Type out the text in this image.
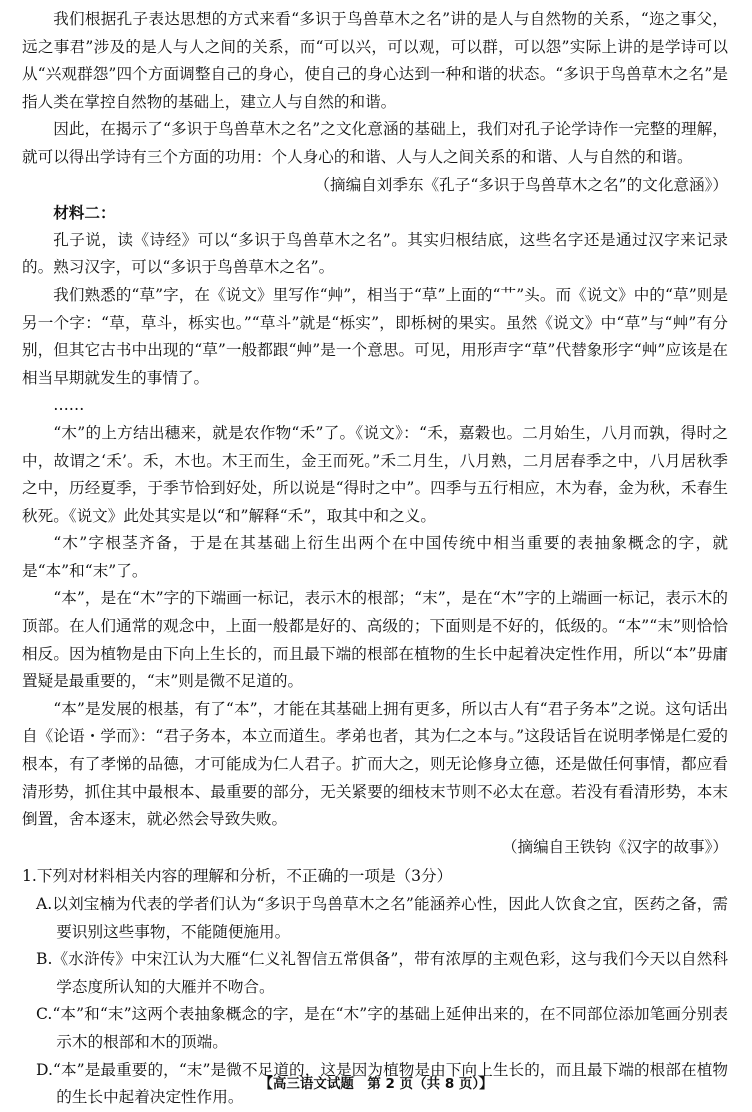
我们根据孔子表达思想的方式来看“多识于鸟兽草木之名”讲的是人与自然物的关系，“迩之事父，远之事君”涉及的是人与人之间的关系，而“可以兴，可以观，可以群，可以怨”实际上讲的是学诗可以从“兴观群怨”四个方面调整自己的身心，使自己的身心达到一种和谐的状态。“多识于鸟兽草木之名”是指人类在掌控自然物的基础上，建立人与自然的和谐。

因此，在揭示了“多识于鸟兽草木之名”之文化意涵的基础上，我们对孔子论学诗作一完整的理解，就可以得出学诗有三个方面的功用：个人身心的和谐、人与人之间关系的和谐、人与自然的和谐。

（摘编自刘季东《孔子“多识于鸟兽草木之名”的文化意涵》）

材料二：

孔子说，读《诗经》可以“多识于鸟兽草木之名”。其实归根结底，这些名字还是通过汉字来记录的。熟习汉字，可以“多识于鸟兽草木之名”。

我们熟悉的“草”字，在《说文》里写作“艸”，相当于“草”上面的“艹”头。而《说文》中的“草”则是另一个字：“草，草斗，栎实也。”“草斗”就是“栎实”，即栎树的果实。虽然《说文》中“草”与“艸”有分别，但其它古书中出现的“草”一般都跟“艸”是一个意思。可见，用形声字“草”代替象形字“艸”应该是在相当早期就发生的事情了。

……

“木”的上方结出穗来，就是农作物“禾”了。《说文》：“禾，嘉穀也。二月始生，八月而孰，得时之中，故谓之‘禾’。禾，木也。木王而生，金王而死。”禾二月生，八月熟，二月居春季之中，八月居秋季之中，历经夏季，于季节恰到好处，所以说是“得时之中”。四季与五行相应，木为春，金为秋，禾春生秋死。《说文》此处其实是以“和”解释“禾”，取其中和之义。

“木”字根茎齐备，于是在其基础上衍生出两个在中国传统中相当重要的表抽象概念的字，就是“本”和“末”了。

“本”，是在“木”字的下端画一标记，表示木的根部；“末”，是在“木”字的上端画一标记，表示木的顶部。在人们通常的观念中，上面一般都是好的、高级的；下面则是不好的，低级的。“本”“末”则恰恰相反。因为植物是由下向上生长的，而且最下端的根部在植物的生长中起着决定性作用，所以“本”毋庸置疑是最重要的，“末”则是微不足道的。

“本”是发展的根基，有了“本”，才能在其基础上拥有更多，所以古人有“君子务本”之说。这句话出自《论语・学而》：“君子务本，本立而道生。孝弟也者，其为仁之本与。”这段话旨在说明孝悌是仁爱的根本，有了孝悌的品德，才可能成为仁人君子。扩而大之，则无论修身立德，还是做任何事情，都应看清形势，抓住其中最根本、最重要的部分，无关紧要的细枝末节则不必太在意。若没有看清形势，本末倒置，舍本逐末，就必然会导致失败。

（摘编自王铁钧《汉字的故事》）

1.下列对材料相关内容的理解和分析，不正确的一项是（3分）

A.以刘宝楠为代表的学者们认为“多识于鸟兽草木之名”能涵养心性，因此人饮食之宜，医药之备，需要识别这些事物，不能随便施用。

B.《水浒传》中宋江认为大雁“仁义礼智信五常俱备”，带有浓厚的主观色彩，这与我们今天以自然科学态度所认知的大雁并不吻合。

C.“本”和“末”这两个表抽象概念的字，是在“木”字的基础上延伸出来的，在不同部位添加笔画分别表示木的根部和木的顶端。

D.“本”是最重要的，“末”是微不足道的，这是因为植物是由下向上生长的，而且最下端的根部在植物的生长中起着决定性作用。

【高三语文试题　第 2 页（共 8 页）】
